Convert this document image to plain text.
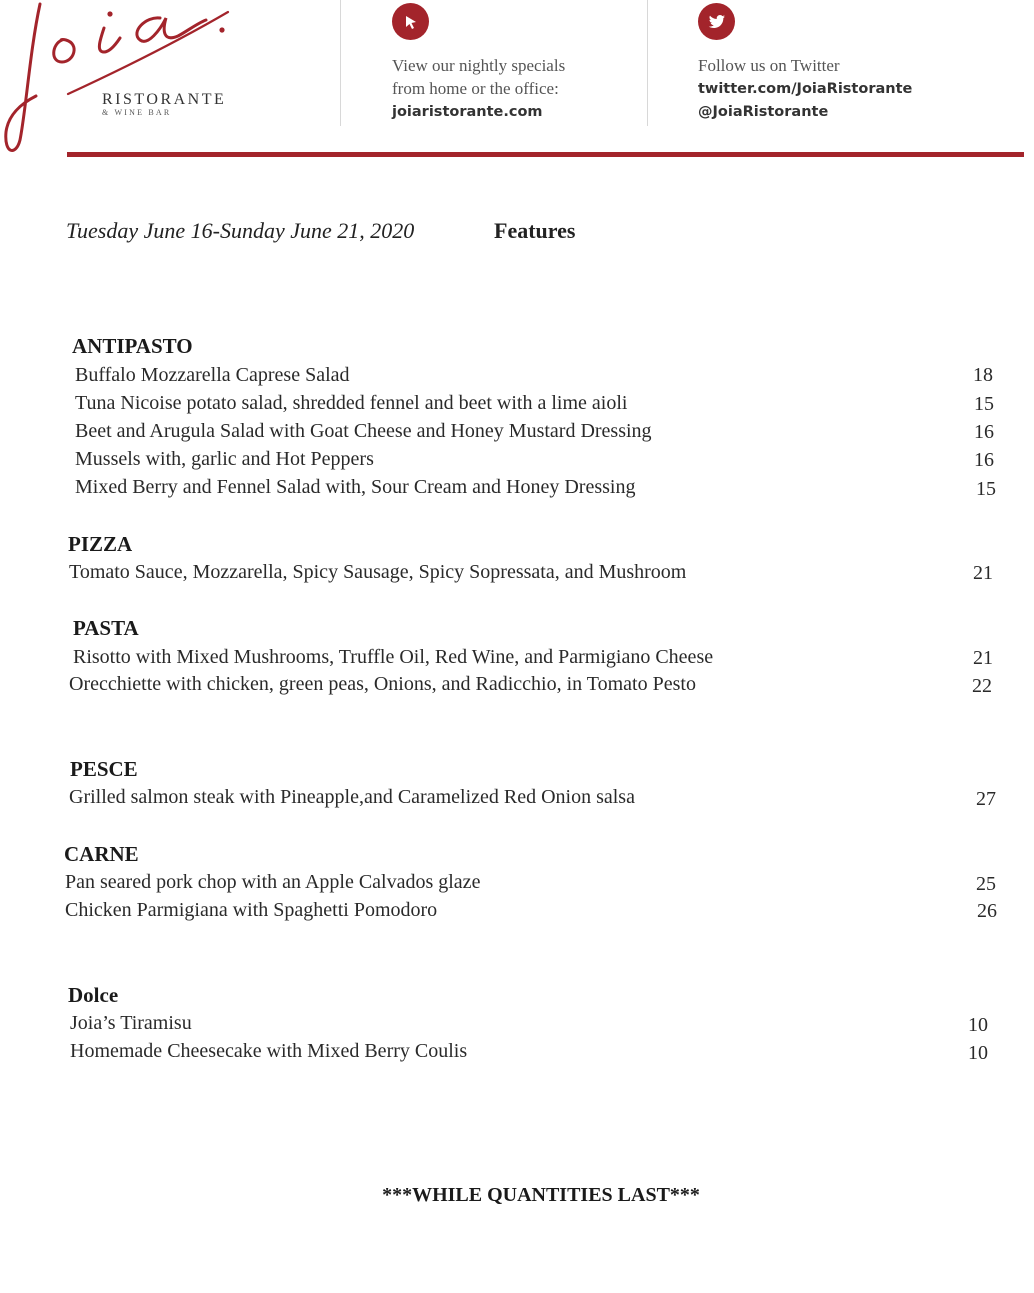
RISTORANTE
& WINE BAR
View our nightly specials
from home or the office:
joiaristorante.com
Follow us on Twitter
twitter.com/JoiaRistorante
@JoiaRistorante
Tuesday June 16-Sunday June 21, 2020	Features
ANTIPASTO
Buffalo Mozzarella Caprese Salad	18
Tuna Nicoise potato salad, shredded fennel and beet with a lime aioli	15
Beet and Arugula Salad with Goat Cheese and Honey Mustard Dressing	16
Mussels with, garlic and Hot Peppers	16
Mixed Berry and Fennel Salad with, Sour Cream and Honey Dressing	15
PIZZA
Tomato Sauce, Mozzarella, Spicy Sausage, Spicy Sopressata, and Mushroom	21
PASTA
Risotto with Mixed Mushrooms, Truffle Oil, Red Wine, and Parmigiano Cheese	21
Orecchiette with chicken, green peas, Onions, and Radicchio, in Tomato Pesto	22
PESCE
Grilled salmon steak with Pineapple,and Caramelized Red Onion salsa	27
CARNE
Pan seared pork chop with an Apple Calvados glaze	25
Chicken Parmigiana with Spaghetti Pomodoro	26
Dolce
Joia’s Tiramisu	10
Homemade Cheesecake with Mixed Berry Coulis	10
***WHILE QUANTITIES LAST***
